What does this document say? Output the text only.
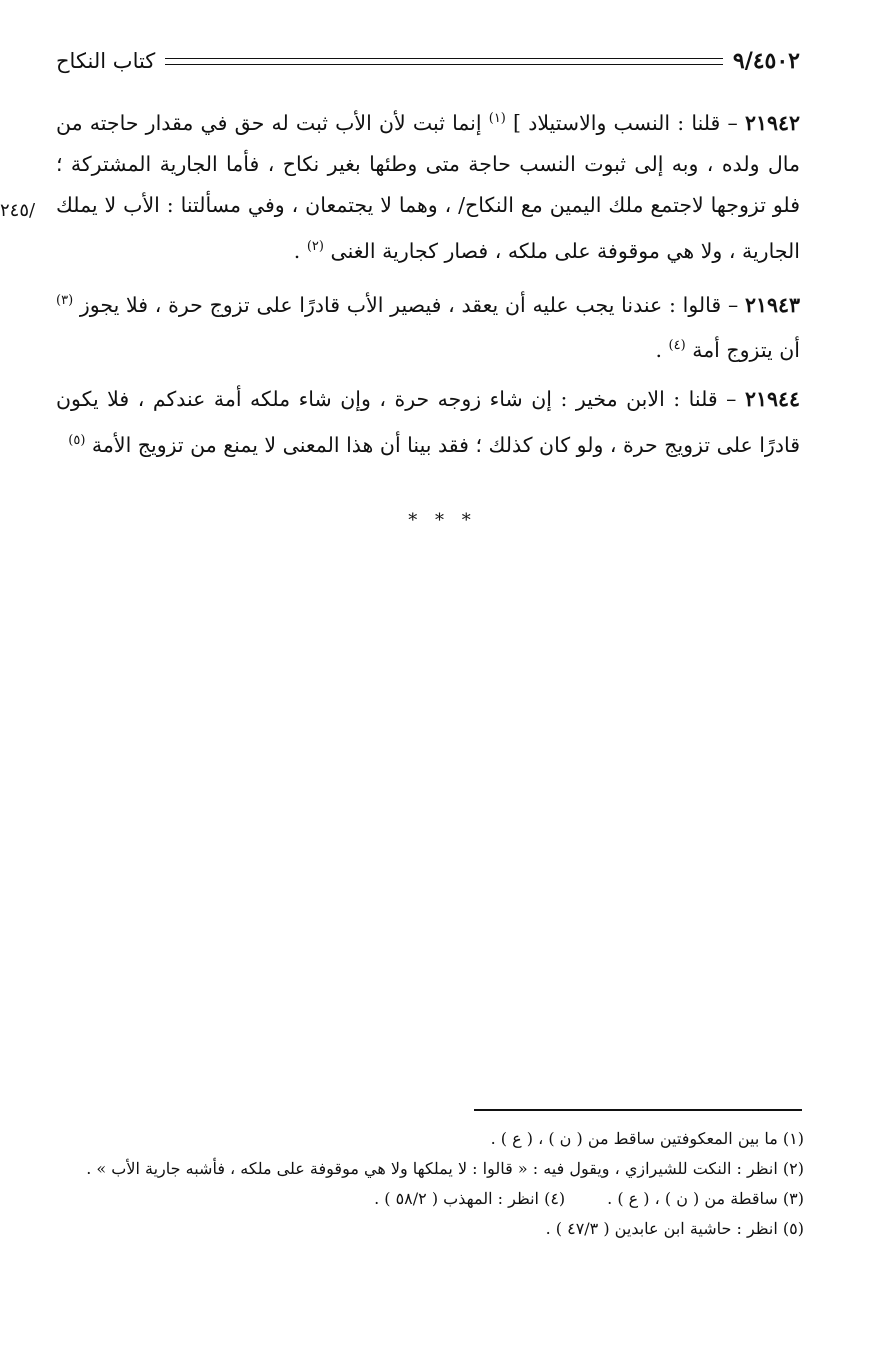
كتاب النكاح	٩/٤٥٠٢
٢٤٥/

٢١٩٤٢ – قلنا : النسب والاستيلاد ] $^{(١)}$ إنما ثبت لأن الأب ثبت له حق في مقدار حاجته من مال ولده ، وبه إلى ثبوت النسب حاجة متى وطئها بغير نكاح ، فأما الجارية المشتركة ؛ فلو تزوجها لاجتمع ملك اليمين مع النكاح/ ، وهما لا يجتمعان ، وفي مسألتنا : الأب لا يملك الجارية ، ولا هي موقوفة على ملكه ، فصار كجارية الغنى $^{(٢)}$ .

٢١٩٤٣ – قالوا : عندنا يجب عليه أن يعقد ، فيصير الأب قادرًا على تزوج حرة ، فلا يجوز $^{(٣)}$ أن يتزوج أمة $^{(٤)}$ .

٢١٩٤٤ – قلنا : الابن مخير : إن شاء زوجه حرة ، وإن شاء ملكه أمة عندكم ، فلا يكون قادرًا على تزويج حرة ، ولو كان كذلك ؛ فقد بينا أن هذا المعنى لا يمنع من تزويج الأمة $^{(٥)}$

* * *
(١) ما بين المعكوفتين ساقط من ( ن ) ، ( ع ) .
(٢) انظر : النكت للشيرازي ، ويقول فيه : « قالوا : لا يملكها ولا هي موقوفة على ملكه ، فأشبه جارية الأب » .
(٣) ساقطة من ( ن ) ، ( ع ) .(٤) انظر : المهذب ( ٥٨/٢ ) .
(٥) انظر : حاشية ابن عابدين ( ٤٧/٣ ) .
